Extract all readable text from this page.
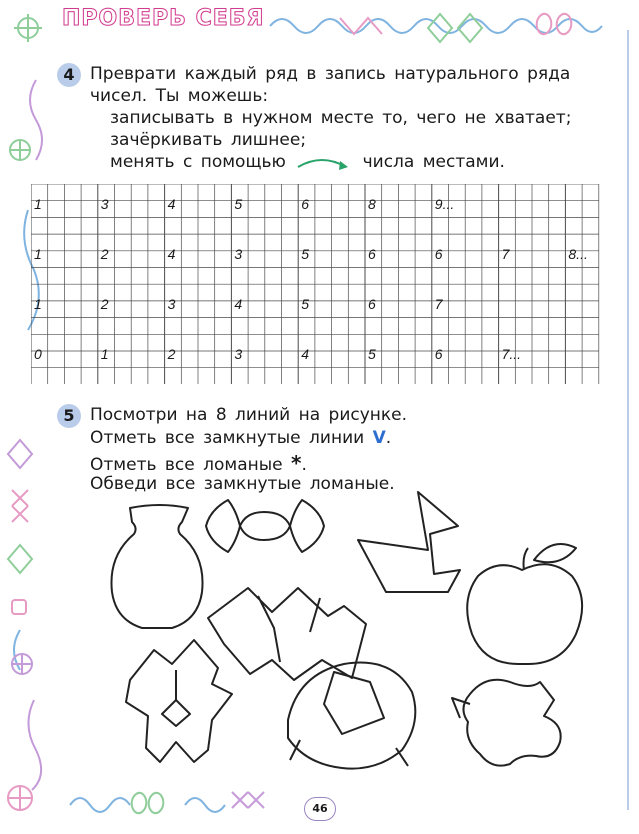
ПРОВЕРЬ СЕБЯ
4 Преврати каждый ряд в запись натурального ряда
чисел. Ты можешь:
записывать в нужном месте то, чего не хватает;
зачёркивать лишнее;
менять с помощью	числа местами.
1	3	4	5	6	8	9...
1	2	4	3	5	6	6	7	8...
1	2	3	4	5	6	7
0	1	2	3	4	5	6	7...
5 Посмотри на 8 линий на рисунке.
Отметь все замкнутые линии V.
Отметь все ломаные *.
Обведи все замкнутые ломаные.
46
